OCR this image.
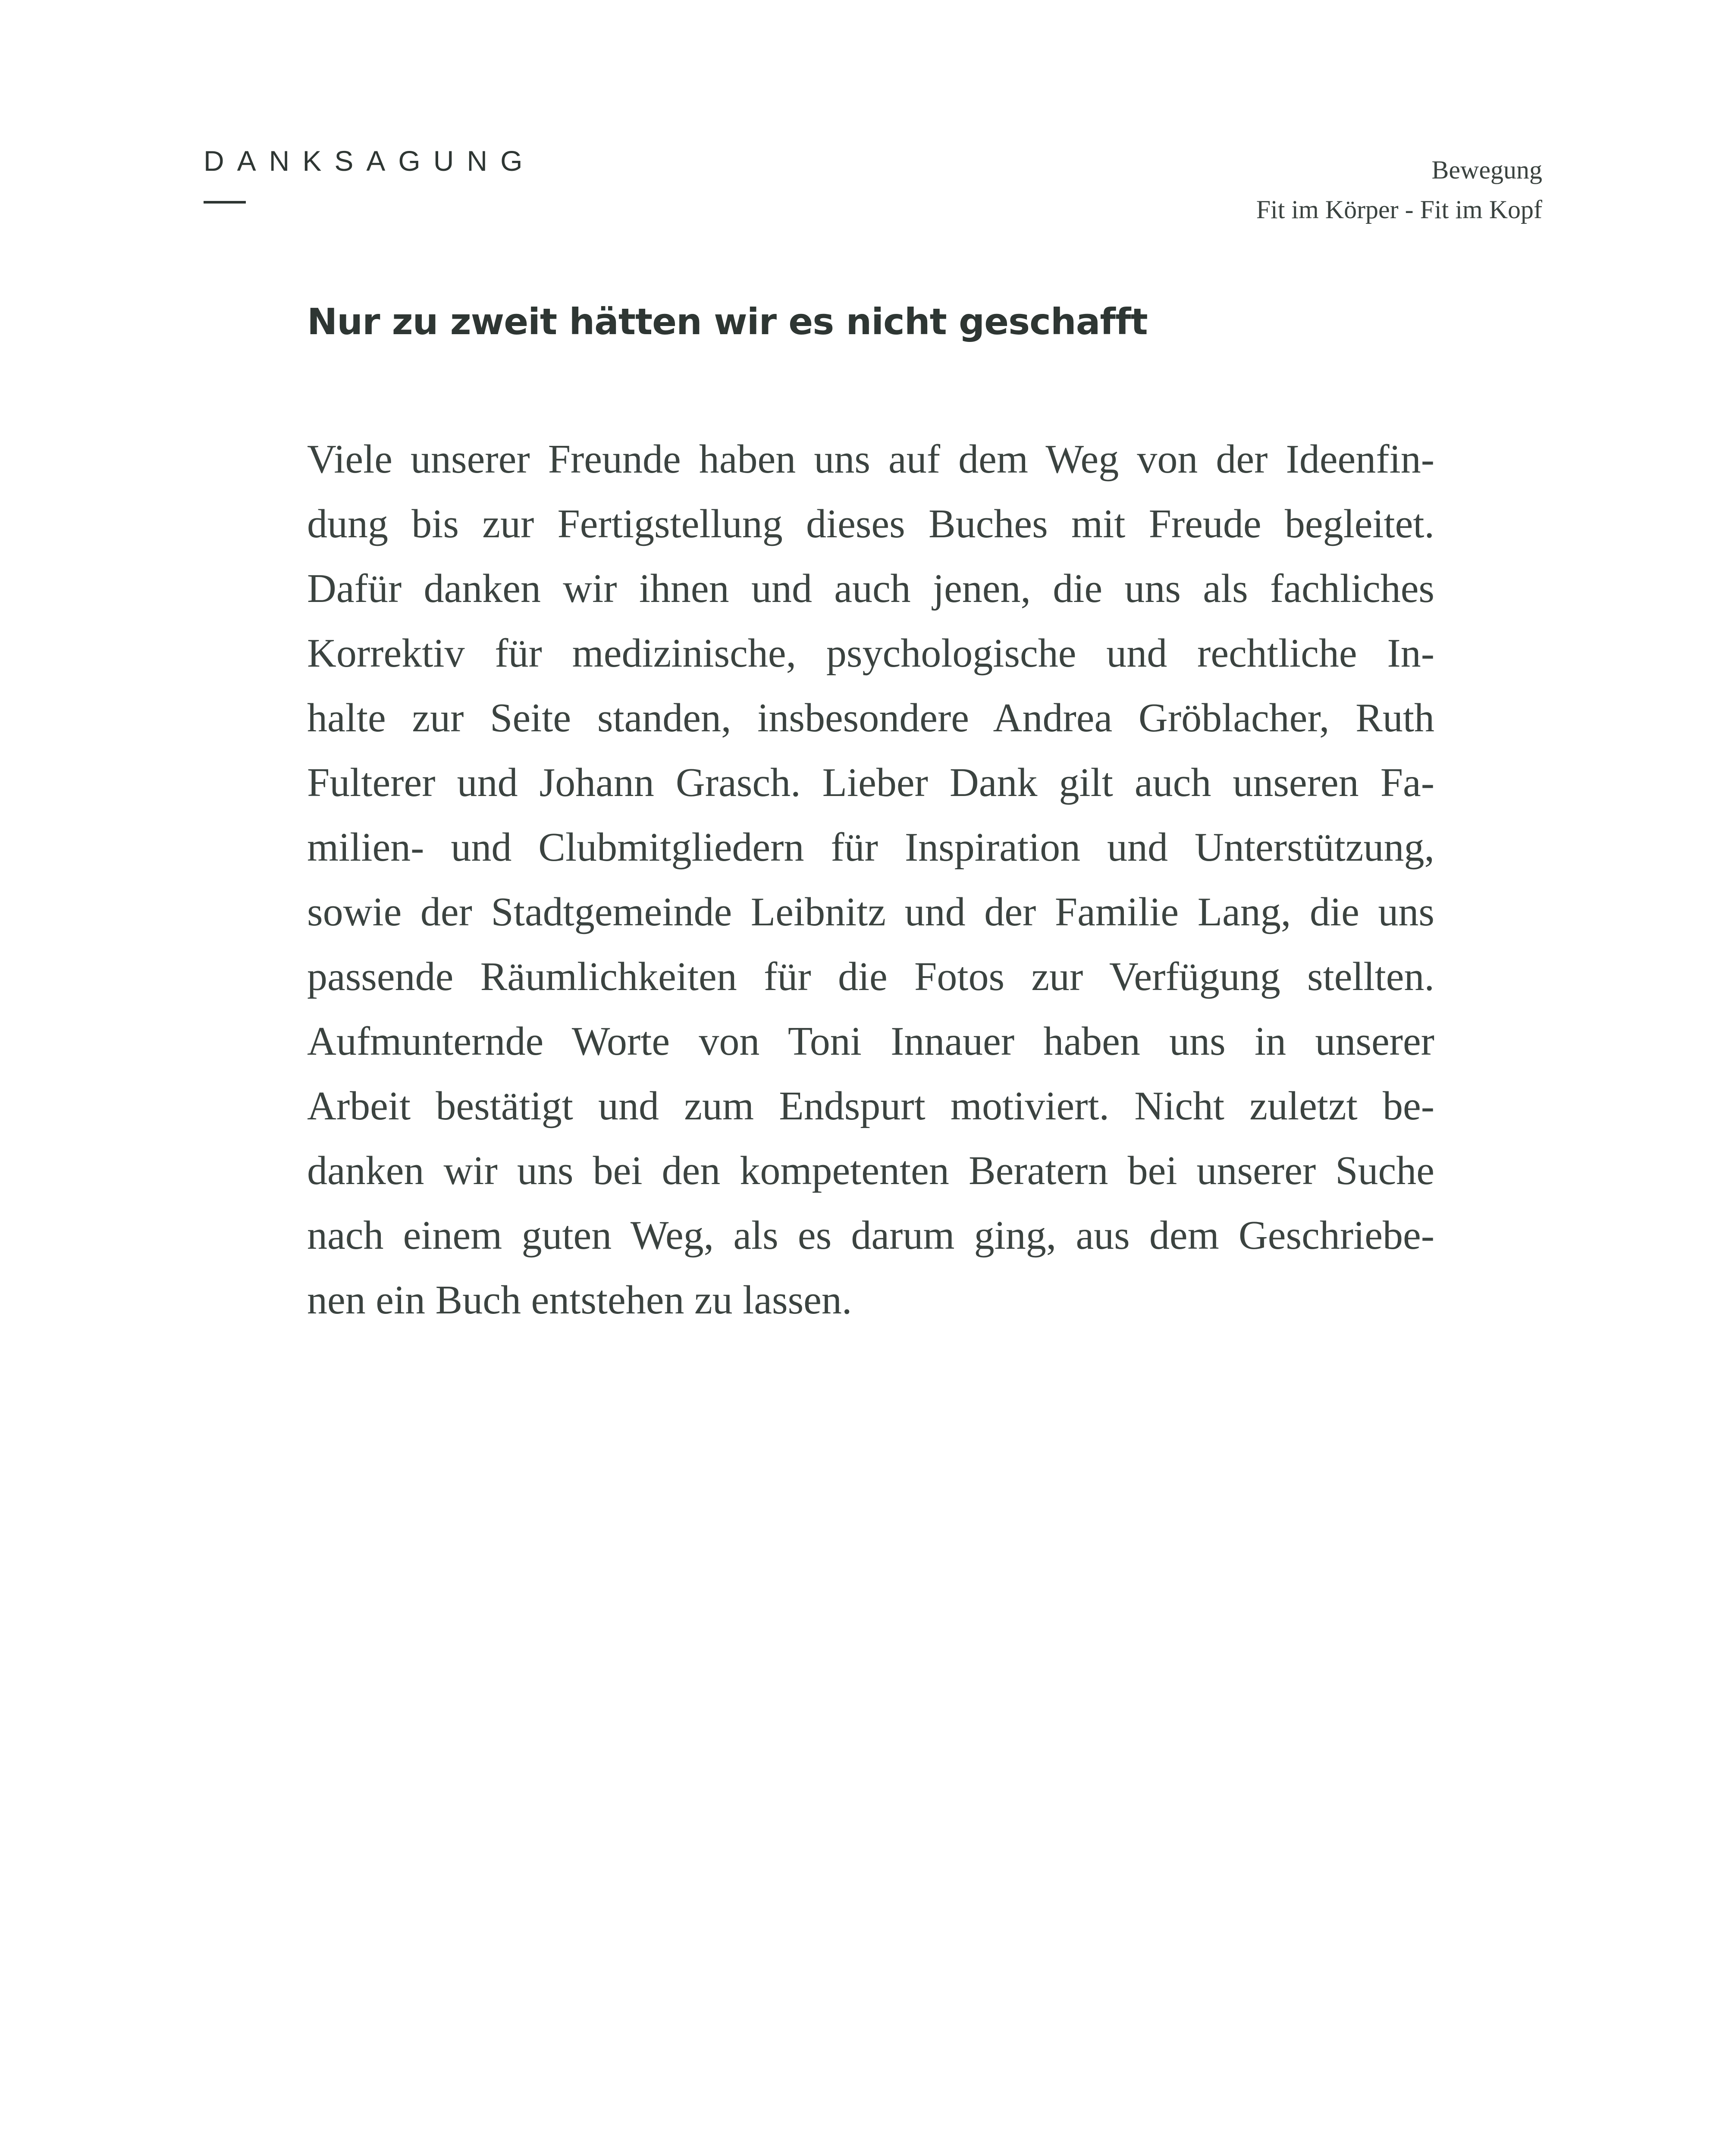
DANKSAGUNG	Bewegung
Fit im Körper - Fit im Kopf
Nur zu zweit hätten wir es nicht geschafft

Viele unserer Freunde haben uns auf dem Weg von der Ideenfin-
dung bis zur Fertigstellung dieses Buches mit Freude begleitet.
Dafür danken wir ihnen und auch jenen, die uns als fachliches
Korrektiv für medizinische, psychologische und rechtliche In-
halte zur Seite standen, insbesondere Andrea Gröblacher, Ruth
Fulterer und Johann Grasch. Lieber Dank gilt auch unseren Fa-
milien- und Clubmitgliedern für Inspiration und Unterstützung,
sowie der Stadtgemeinde Leibnitz und der Familie Lang, die uns
passende Räumlichkeiten für die Fotos zur Verfügung stellten.
Aufmunternde Worte von Toni Innauer haben uns in unserer
Arbeit bestätigt und zum Endspurt motiviert. Nicht zuletzt be-
danken wir uns bei den kompetenten Beratern bei unserer Suche
nach einem guten Weg, als es darum ging, aus dem Geschriebe-
nen ein Buch entstehen zu lassen.
